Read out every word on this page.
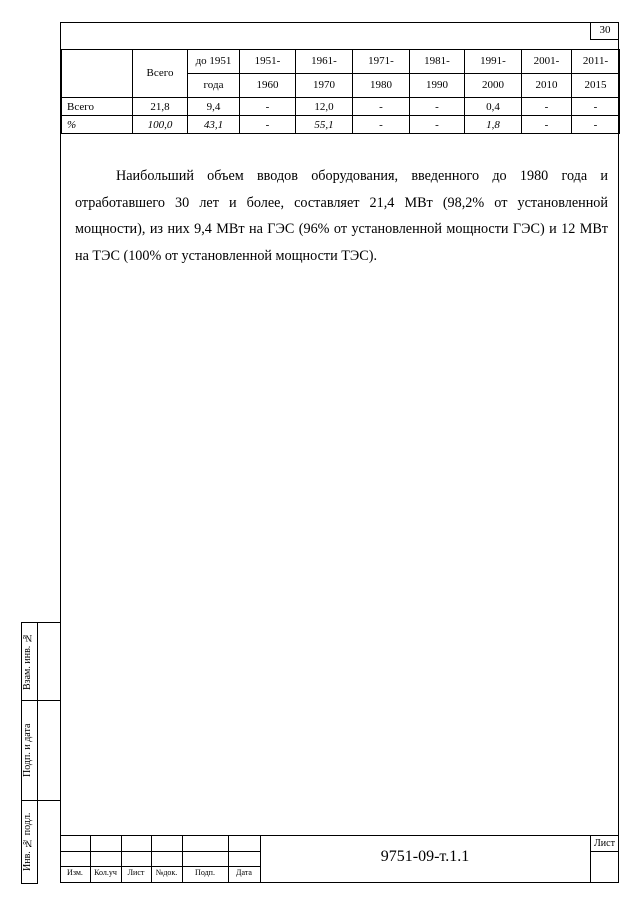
30
	Всего	до 1951	1951-	1961-	1971-	1981-	1991-	2001-	2011-
		года	1960	1970	1980	1990	2000	2010	2015
Всего	21,8	9,4	-	12,0	-	-	0,4	-	-
%	100,0	43,1	-	55,1	-	-	1,8	-	-

Наибольший объем вводов оборудования, введенного до 1980 года и отработавшего 30 лет и более, составляет 21,4 МВт (98,2% от установленной мощности), из них 9,4 МВт на ГЭС (96% от установленной мощности ГЭС) и 12 МВт на ТЭС (100% от установленной мощности ТЭС).

Взам. инв. №
Подп. и дата
Инв. № подл.
Изм.	Кол.уч	Лист	№док.	Подп.	Дата
9751-09-т.1.1
Лист
